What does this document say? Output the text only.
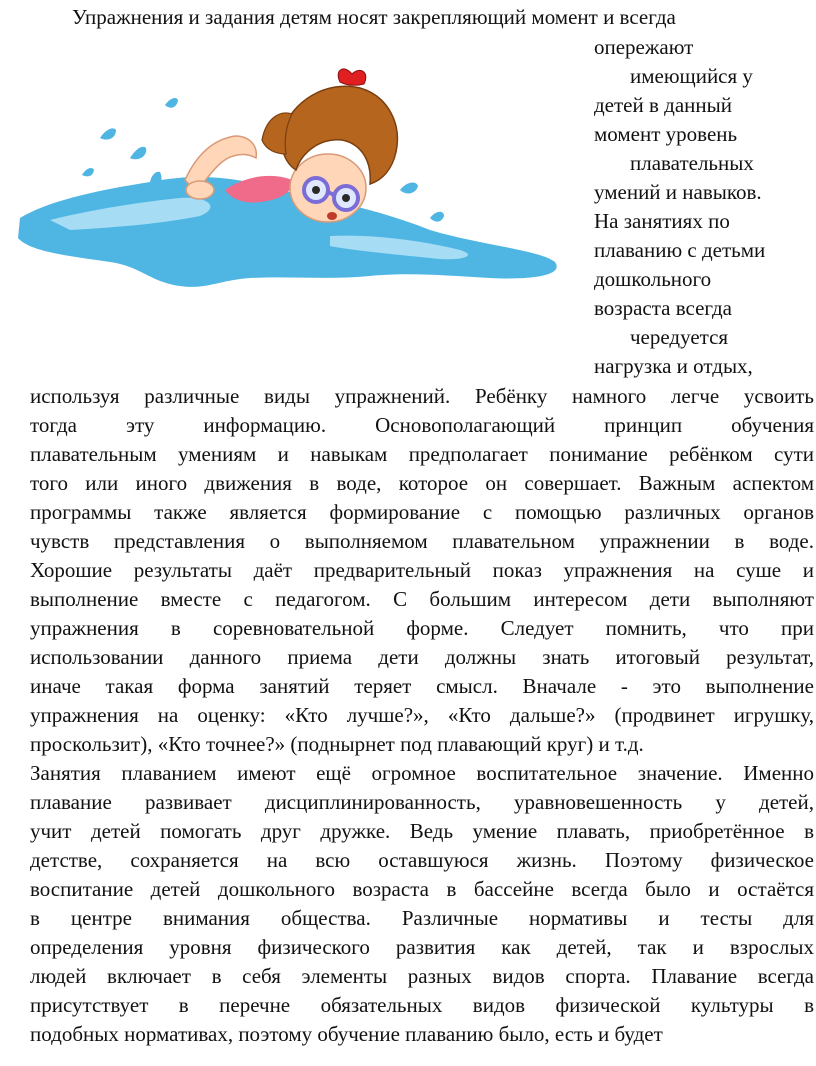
Упражнения и задания детям носят закрепляющий момент и всегда
опережают
имеющийся у
детей в данный
момент уровень
плавательных
умений и навыков.
На занятиях по
плаванию с детьми
дошкольного
возраста всегда
чередуется
нагрузка и отдых,
используя различные виды упражнений. Ребёнку намного легче усвоить
тогда эту информацию. Основополагающий принцип обучения
плавательным умениям и навыкам предполагает понимание ребёнком сути
того или иного движения в воде, которое он совершает. Важным аспектом
программы также является формирование с помощью различных органов
чувств представления о выполняемом плавательном упражнении в воде.
Хорошие результаты даёт предварительный показ упражнения на суше и
выполнение вместе с педагогом. С большим интересом дети выполняют
упражнения в соревновательной форме. Следует помнить, что при
использовании данного приема дети должны знать итоговый результат,
иначе такая форма занятий теряет смысл. Вначале - это выполнение
упражнения на оценку: «Кто лучше?», «Кто дальше?» (продвинет игрушку,
проскользит), «Кто точнее?» (поднырнет под плавающий круг) и т.д.
Занятия плаванием имеют ещё огромное воспитательное значение. Именно
плавание развивает дисциплинированность, уравновешенность у детей,
учит детей помогать друг дружке. Ведь умение плавать, приобретённое в
детстве, сохраняется на всю оставшуюся жизнь. Поэтому физическое
воспитание детей дошкольного возраста в бассейне всегда было и остаётся
в центре внимания общества. Различные нормативы и тесты для
определения уровня физического развития как детей, так и взрослых
людей включает в себя элементы разных видов спорта. Плавание всегда
присутствует в перечне обязательных видов физической культуры в
подобных нормативах, поэтому обучение плаванию было, есть и будет
